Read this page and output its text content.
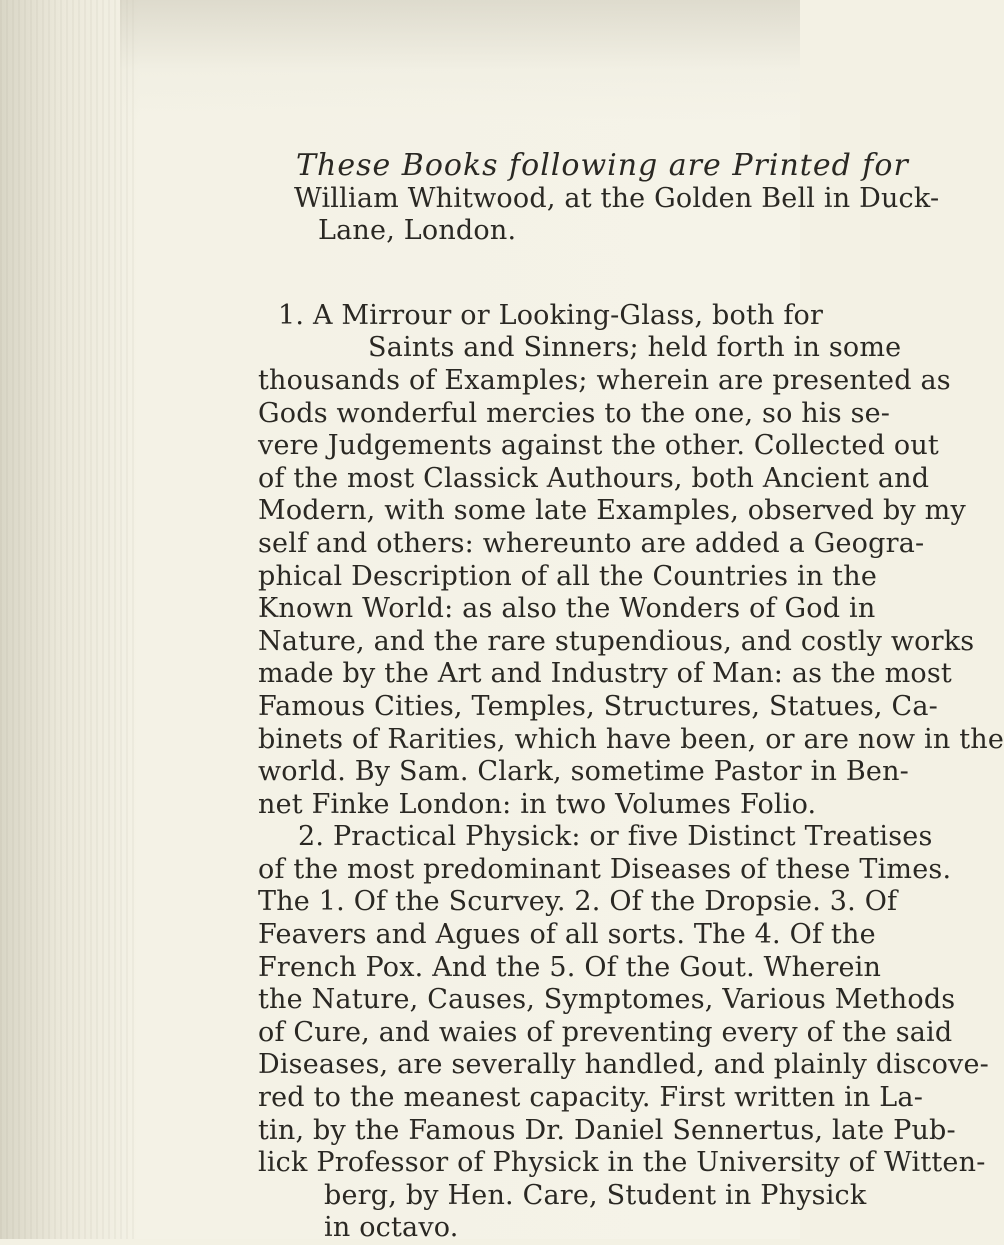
These Books following are Printed for
William Whitwood, at the Golden Bell in Duck-
Lane, London.
1. A Mirrour or Looking-Glass, both for
Saints and Sinners; held forth in some
thousands of Examples; wherein are presented as
Gods wonderful mercies to the one, so his se-
vere Judgements against the other. Collected out
of the most Classick Authours, both Ancient and
Modern, with some late Examples, observed by my
self and others: whereunto are added a Geogra-
phical Description of all the Countries in the
Known World: as also the Wonders of God in
Nature, and the rare stupendious, and costly works
made by the Art and Industry of Man: as the most
Famous Cities, Temples, Structures, Statues, Ca-
binets of Rarities, which have been, or are now in the
world. By Sam. Clark, sometime Pastor in Ben-
net Finke London: in two Volumes Folio.
2. Practical Physick: or five Distinct Treatises
of the most predominant Diseases of these Times.
The 1. Of the Scurvey. 2. Of the Dropsie. 3. Of
Feavers and Agues of all sorts. The 4. Of the
French Pox. And the 5. Of the Gout. Wherein
the Nature, Causes, Symptomes, Various Methods
of Cure, and waies of preventing every of the said
Diseases, are severally handled, and plainly discove-
red to the meanest capacity. First written in La-
tin, by the Famous Dr. Daniel Sennertus, late Pub-
lick Professor of Physick in the University of Witten-
berg, by Hen. Care, Student in Physick
in octavo.
